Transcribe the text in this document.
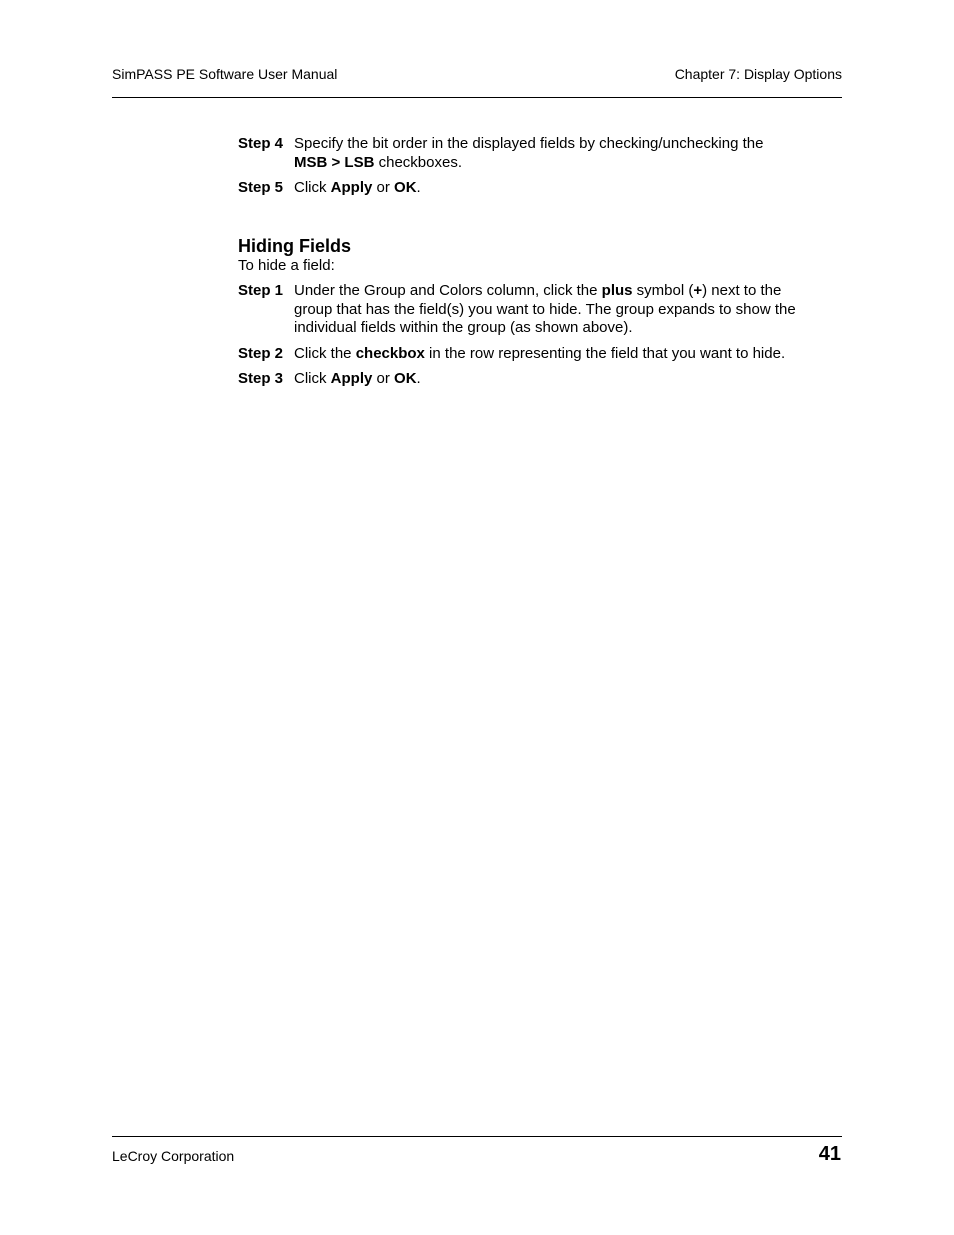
SimPASS PE Software User Manual	Chapter 7: Display Options
Step 4 Specify the bit order in the displayed fields by checking/unchecking the MSB > LSB checkboxes.
Step 5 Click Apply or OK.
Hiding Fields
To hide a field:
Step 1 Under the Group and Colors column, click the plus symbol (+) next to the group that has the field(s) you want to hide. The group expands to show the individual fields within the group (as shown above).
Step 2 Click the checkbox in the row representing the field that you want to hide.
Step 3 Click Apply or OK.
LeCroy Corporation	41
